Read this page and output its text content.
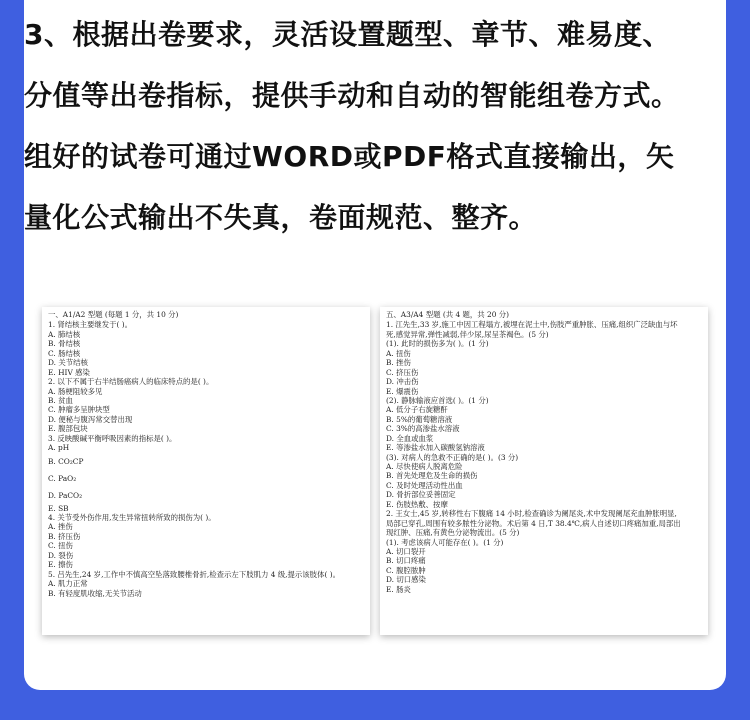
3、根据出卷要求，灵活设置题型、章节、难易度、分值等出卷指标，提供手动和自动的智能组卷方式。组好的试卷可通过WORD或PDF格式直接输出，矢量化公式输出不失真，卷面规范、整齐。

一、A1/A2 型题 (每题 1 分，共 10 分)
1. 肾结核主要继发于( )。
A. 肺结核
B. 骨结核
C. 肠结核
D. 关节结核
E. HIV 感染
2. 以下不属于右半结肠癌病人的临床特点的是( )。
A. 肠梗阻较多见
B. 贫血
C. 肿瘤多呈肿块型
D. 便秘与腹泻常交替出现
E. 腹部包块
3. 反映酸碱平衡呼吸因素的指标是( )。
A. pH
B. CO₂CP
C. PaO₂
D. PaCO₂
E. SB
4. 关节受外伤作用,发生异常扭转所致的损伤为( )。
A. 挫伤
B. 挤压伤
C. 扭伤
D. 裂伤
E. 擦伤
5. 吕先生,24 岁,工作中不慎高空坠落致腰椎骨折,检查示左下肢肌力 4 级,提示该肢体( )。
A. 肌力正常
B. 有轻度肌收缩,无关节活动
五、A3/A4 型题 (共 4 题，共 20 分)
1. 江先生,33 岁,施工中因工程塌方,被埋在泥土中,伤肢严重肿胀、压痛,组织广泛缺血与坏
死,感觉异常,弹性减弱,伴少尿,尿呈茶褐色。(5 分)
(1). 此时的损伤多为( )。(1 分)
A. 扭伤
B. 挫伤
C. 挤压伤
D. 冲击伤
E. 爆震伤
(2). 静脉输液应首选( )。(1 分)
A. 低分子右旋糖酐
B. 5%的葡萄糖溶液
C. 3%的高渗盐水溶液
D. 全血或血浆
E. 等渗盐水加入碳酸氢钠溶液
(3). 对病人的急救不正确的是( )。(3 分)
A. 尽快使病人脱离危险
B. 首先处理危及生命的损伤
C. 及时处理活动性出血
D. 骨折部位妥善固定
E. 伤肢热敷、按摩
2. 王女士,45 岁,转移性右下腹痛 14 小时,检查确诊为阑尾炎,术中发现阑尾充血肿胀明显,
局部已穿孔,周围有较多脓性分泌物。术后第 4 日,T 38.4℃,病人自述切口疼痛加重,局部出
现红肿、压痛,有黄色分泌物流出。(5 分)
(1). 考虑该病人可能存在( )。(1 分)
A. 切口裂开
B. 切口疼痛
C. 腹腔脓肿
D. 切口感染
E. 肠炎
